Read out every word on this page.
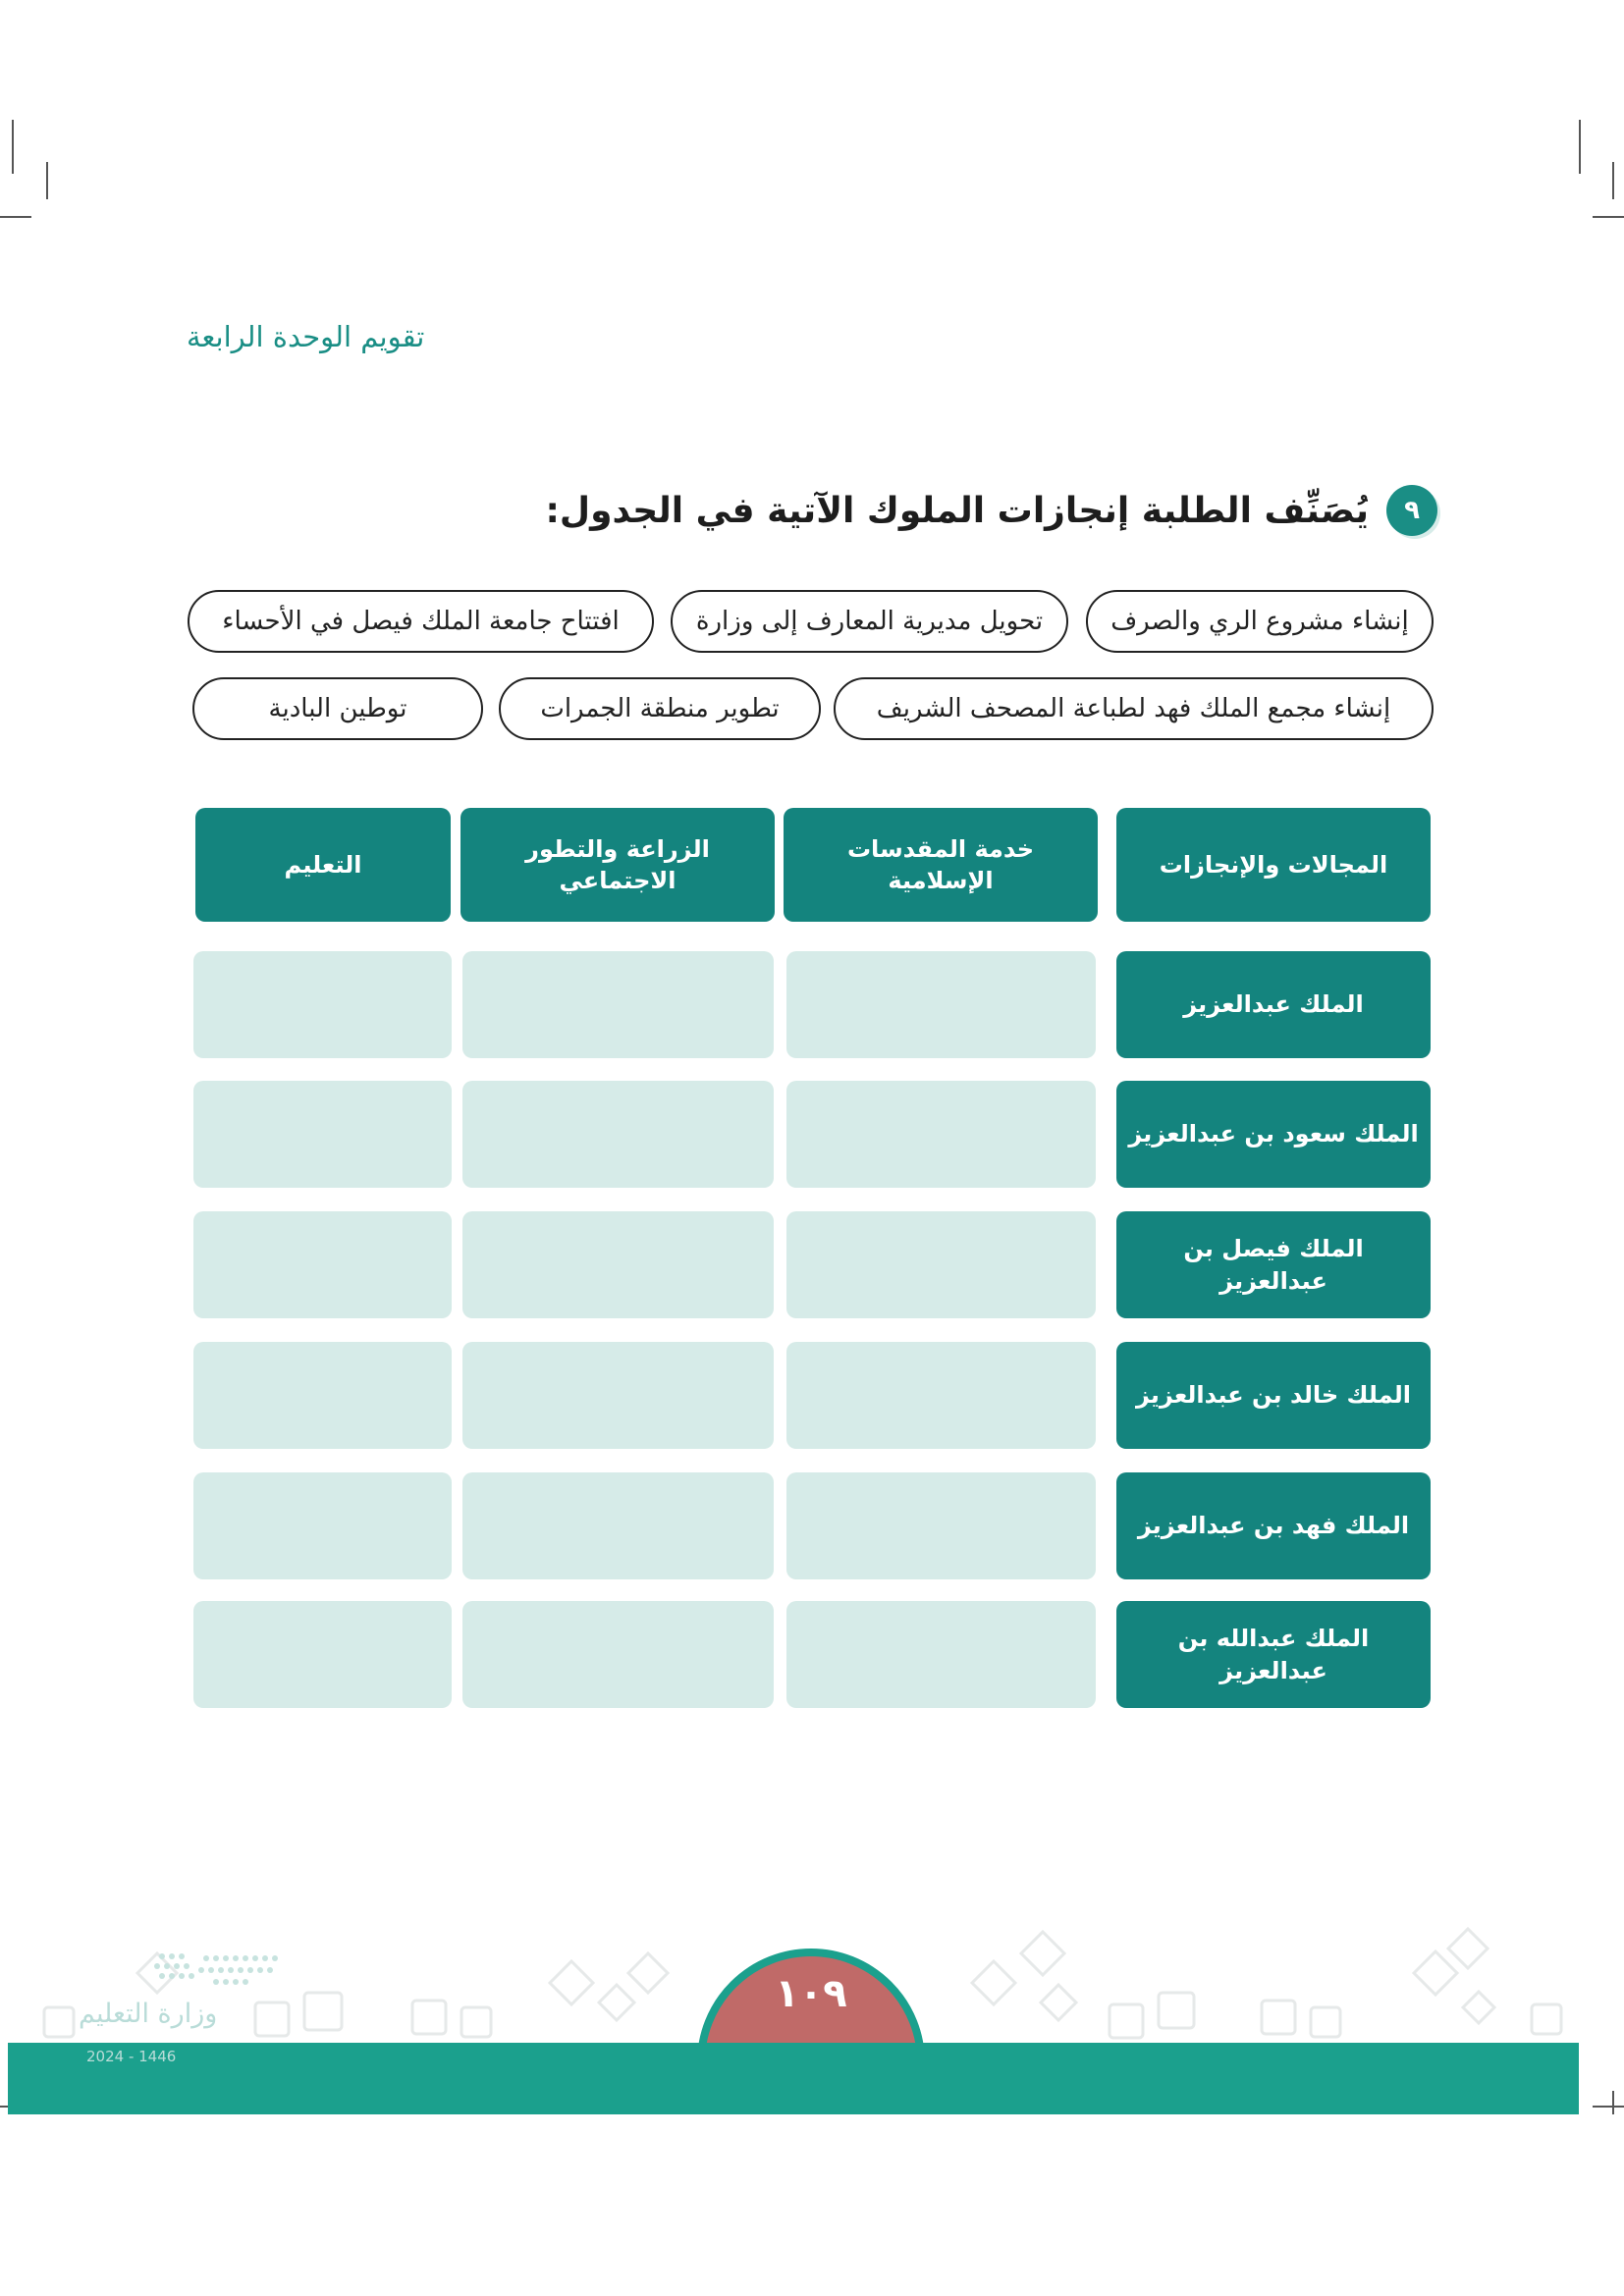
تقويم الوحدة الرابعة
٩
يُصَنِّف الطلبة إنجازات الملوك الآتية في الجدول:
إنشاء مشروع الري والصرف
تحويل مديرية المعارف إلى وزارة
افتتاح جامعة الملك فيصل في الأحساء
إنشاء مجمع الملك فهد لطباعة المصحف الشريف
تطوير منطقة الجمرات
توطين البادية
المجالات والإنجازات
خدمة المقدسات الإسلامية
الزراعة والتطور الاجتماعي
التعليم
الملك عبدالعزيز
الملك سعود بن عبدالعزيز
الملك فيصل بن عبدالعزيز
الملك خالد بن عبدالعزيز
الملك فهد بن عبدالعزيز
الملك عبدالله بن عبدالعزيز
١٠٩
وزارة التعليم
2024 - 1446
